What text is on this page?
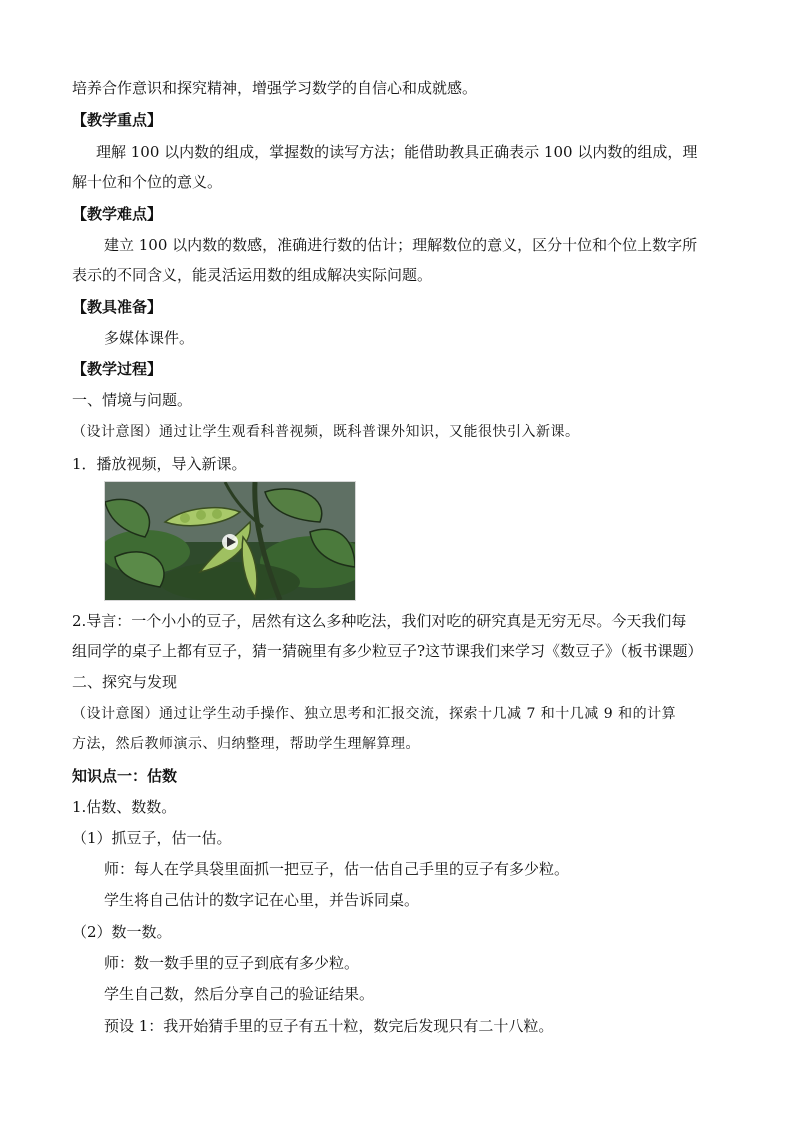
培养合作意识和探究精神，增强学习数学的自信心和成就感。
【教学重点】
理解 100 以内数的组成，掌握数的读写方法；能借助教具正确表示 100 以内数的组成，理
解十位和个位的意义。
【教学难点】
建立 100 以内数的数感，准确进行数的估计；理解数位的意义，区分十位和个位上数字所
表示的不同含义，能灵活运用数的组成解决实际问题。
【教具准备】
多媒体课件。
【教学过程】
一、情境与问题。
（设计意图）通过让学生观看科普视频，既科普课外知识，又能很快引入新课。
1．播放视频，导入新课。
2.导言：一个小小的豆子，居然有这么多种吃法，我们对吃的研究真是无穷无尽。今天我们每
组同学的桌子上都有豆子，猜一猜碗里有多少粒豆子?这节课我们来学习《数豆子》（板书课题）
二、探究与发现
（设计意图）通过让学生动手操作、独立思考和汇报交流，探索十几减 7 和十几减 9 和的计算
方法，然后教师演示、归纳整理，帮助学生理解算理。
知识点一：估数
1.估数、数数。
（1）抓豆子，估一估。
师：每人在学具袋里面抓一把豆子，估一估自己手里的豆子有多少粒。
学生将自己估计的数字记在心里，并告诉同桌。
（2）数一数。
师：数一数手里的豆子到底有多少粒。
学生自己数，然后分享自己的验证结果。
预设 1：我开始猜手里的豆子有五十粒，数完后发现只有二十八粒。
